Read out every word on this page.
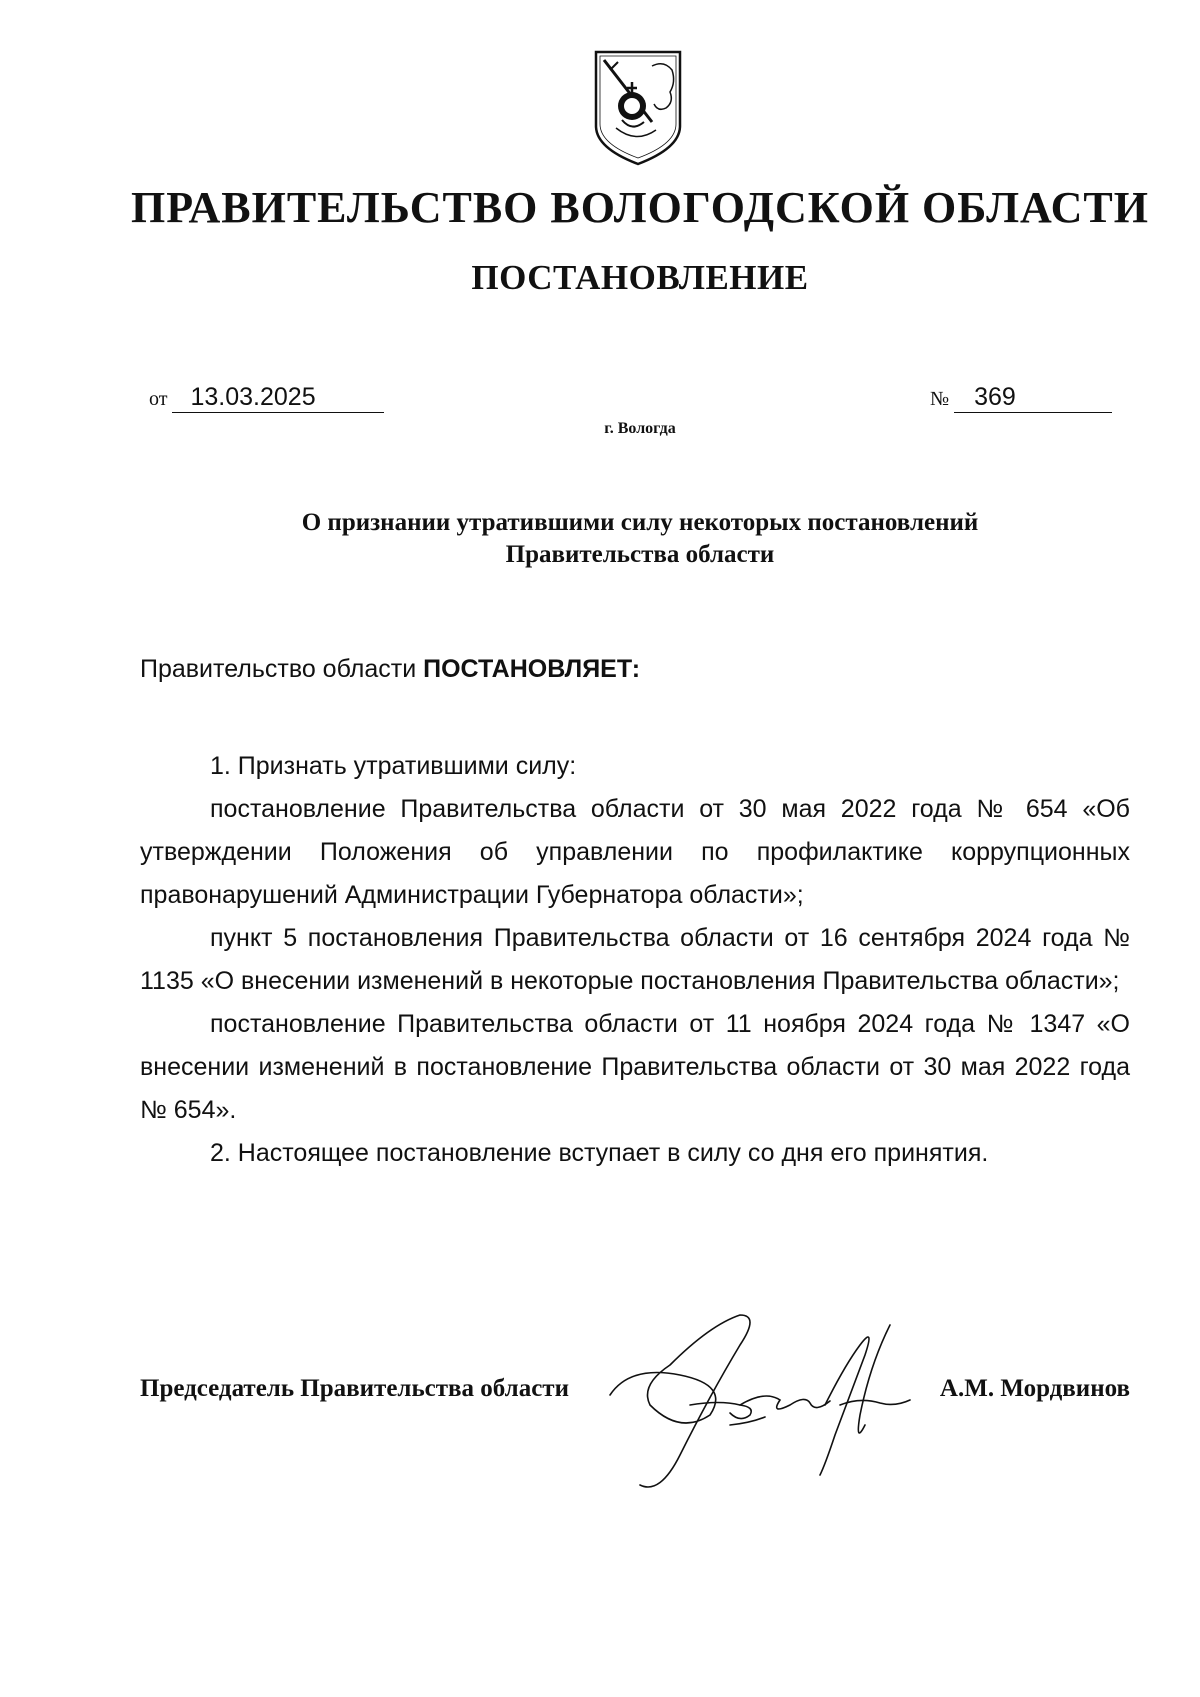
ПРАВИТЕЛЬСТВО ВОЛОГОДСКОЙ ОБЛАСТИ
ПОСТАНОВЛЕНИЕ
от 13.03.2025	№ 369
г. Вологда
О признании утратившими силу некоторых постановлений
Правительства области
Правительство области ПОСТАНОВЛЯЕТ:

1. Признать утратившими силу:

постановление Правительства области от 30 мая 2022 года № 654 «Об утверждении Положения об управлении по профилактике коррупционных правонарушений Администрации Губернатора области»;

пункт 5 постановления Правительства области от 16 сентября 2024 года № 1135 «О внесении изменений в некоторые постановления Правительства области»;

постановление Правительства области от 11 ноября 2024 года № 1347 «О внесении изменений в постановление Правительства области от 30 мая 2022 года № 654».

2. Настоящее постановление вступает в силу со дня его принятия.

Председатель Правительства области	А.М. Мордвинов
